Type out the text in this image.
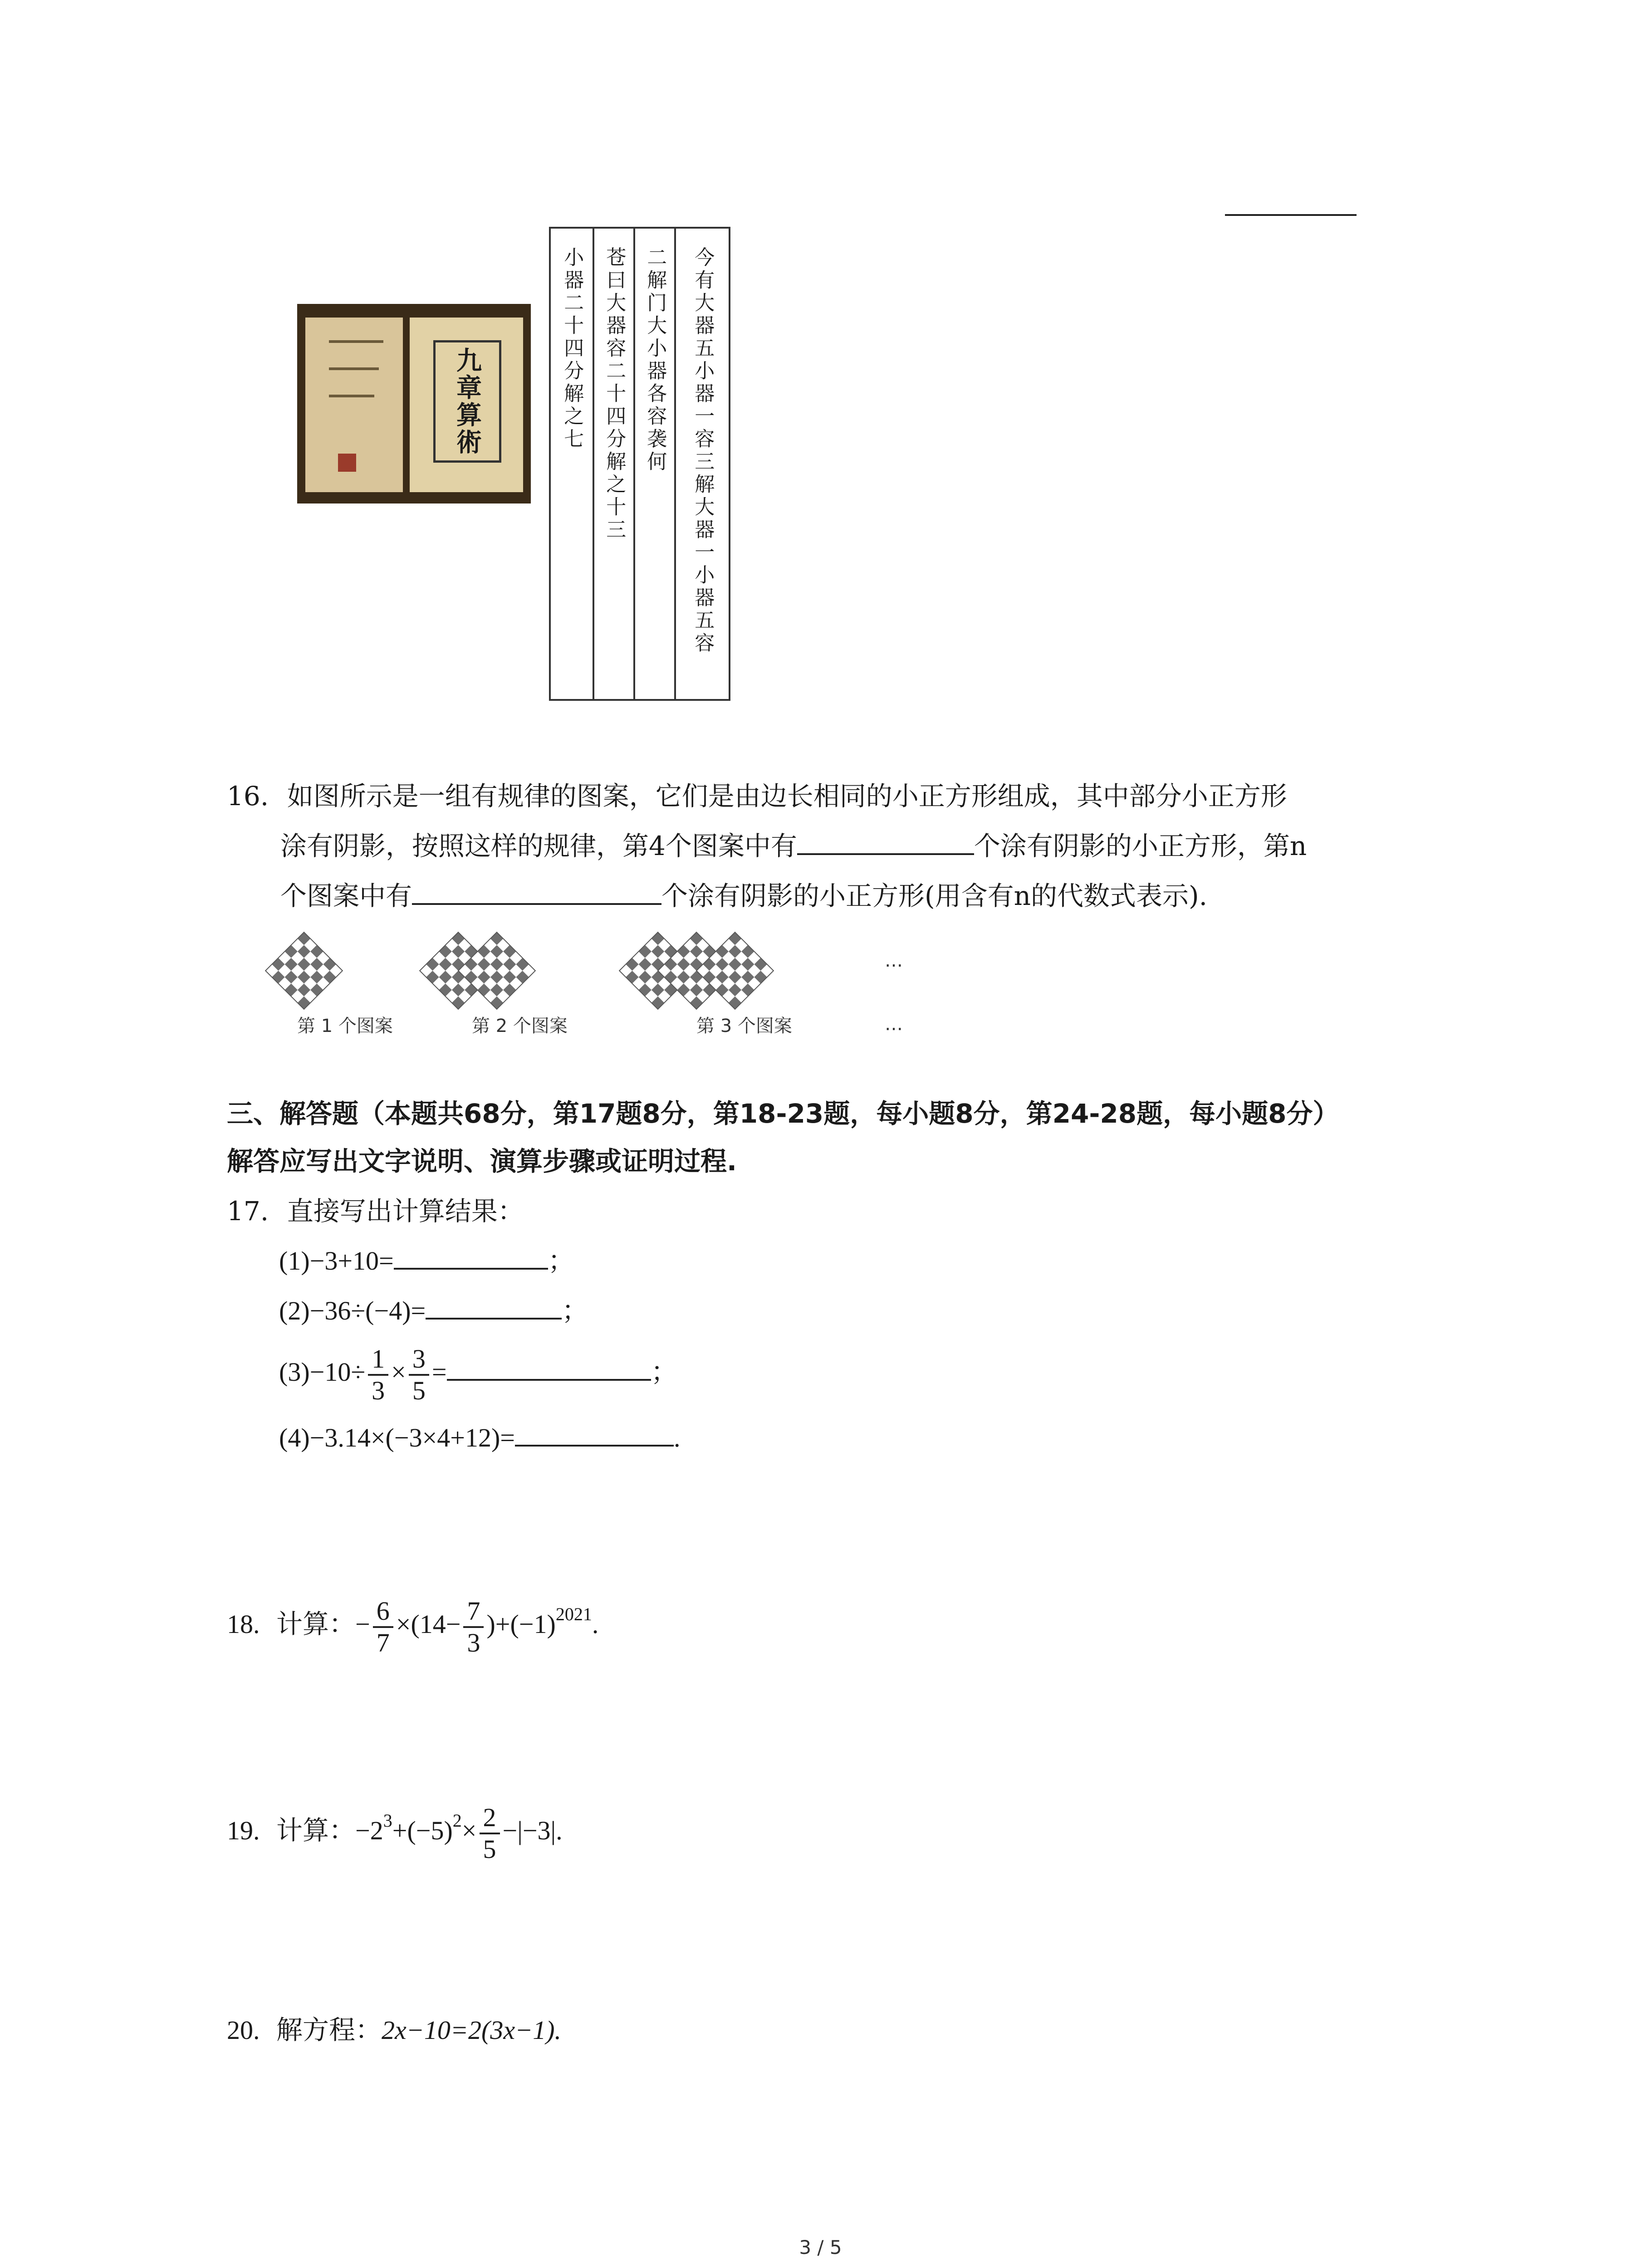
九章算術	小器二十四分解之七 苍曰大器容二十四分解之十三 二解门大小器各容袭何 今有大器五小器一容三解大器一小器五容
16. 如图所示是一组有规律的图案，它们是由边长相同的小正方形组成，其中部分小正方形
涂有阴影，按照这样的规律，第4个图案中有	个涂有阴影的小正方形，第n
个图案中有	个涂有阴影的小正方形(用含有n的代数式表示).
…
第 1 个图案	第 2 个图案	第 3 个图案	…
三、解答题（本题共68分，第17题8分，第18-23题，每小题8分，第24-28题，每小题8分）
解答应写出文字说明、演算步骤或证明过程.
17. 直接写出计算结果：
(1)−3+10=	；
(2)−36÷(−4)=	；
$(3)-10\div \frac{1}{3} \times \frac{3}{5}$ =	；
(4)−3.14×(−3×4+12)=	.
18. 计算：− $\frac{6}{7} \times(14- \frac{7}{3} )+(-1)^{2021}$.
19. 计算：$-2^3+(-5)^2\times \frac{2}{5} -|-3|$.
20. 解方程：2x−10=2(3x−1).
3 / 5
